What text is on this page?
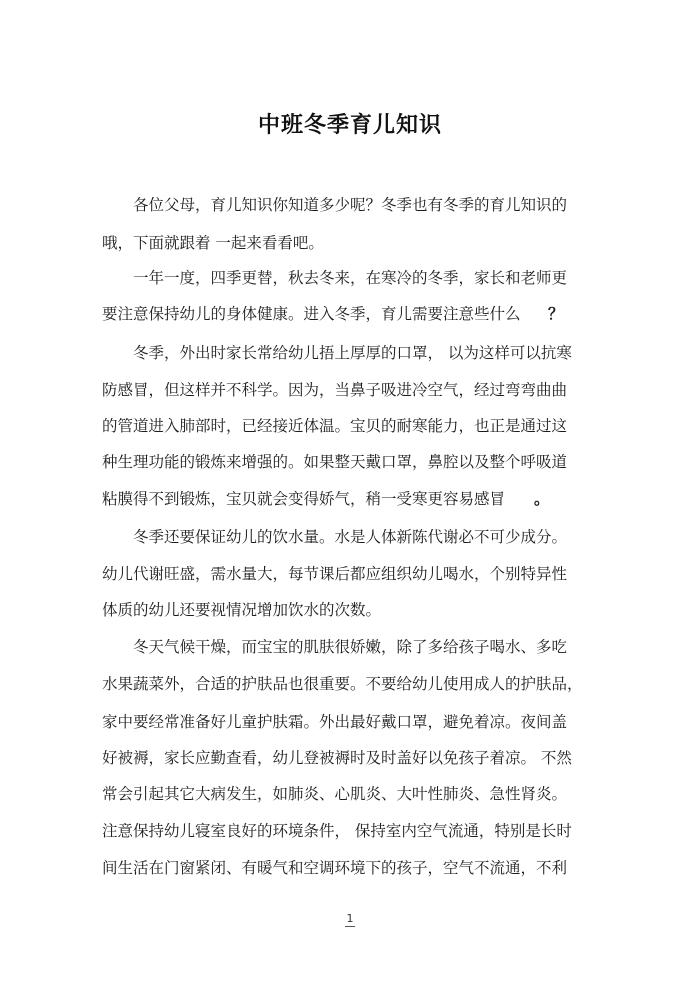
中班冬季育儿知识
各位父母，育儿知识你知道多少呢？冬季也有冬季的育儿知识的
哦，下面就跟着 一起来看看吧。
一年一度，四季更替，秋去冬来，在寒冷的冬季，家长和老师更
要注意保持幼儿的身体健康。进入冬季，育儿需要注意些什么 ？
冬季，外出时家长常给幼儿捂上厚厚的口罩， 以为这样可以抗寒
防感冒，但这样并不科学。因为，当鼻子吸进冷空气，经过弯弯曲曲
的管道进入肺部时，已经接近体温。宝贝的耐寒能力，也正是通过这
种生理功能的锻炼来增强的。如果整天戴口罩，鼻腔以及整个呼吸道
粘膜得不到锻炼，宝贝就会变得娇气，稍一受寒更容易感冒 。
冬季还要保证幼儿的饮水量。水是人体新陈代谢必不可少成分。
幼儿代谢旺盛，需水量大，每节课后都应组织幼儿喝水，个别特异性
体质的幼儿还要视情况增加饮水的次数。
冬天气候干燥，而宝宝的肌肤很娇嫩，除了多给孩子喝水、多吃
水果蔬菜外，合适的护肤品也很重要。不要给幼儿使用成人的护肤品，
家中要经常准备好儿童护肤霜。外出最好戴口罩，避免着凉。夜间盖
好被褥，家长应勤查看，幼儿登被褥时及时盖好以免孩子着凉。 不然
常会引起其它大病发生，如肺炎、心肌炎、大叶性肺炎、急性肾炎。
注意保持幼儿寝室良好的环境条件， 保持室内空气流通，特别是长时
间生活在门窗紧闭、有暖气和空调环境下的孩子，空气不流通，不利
1
